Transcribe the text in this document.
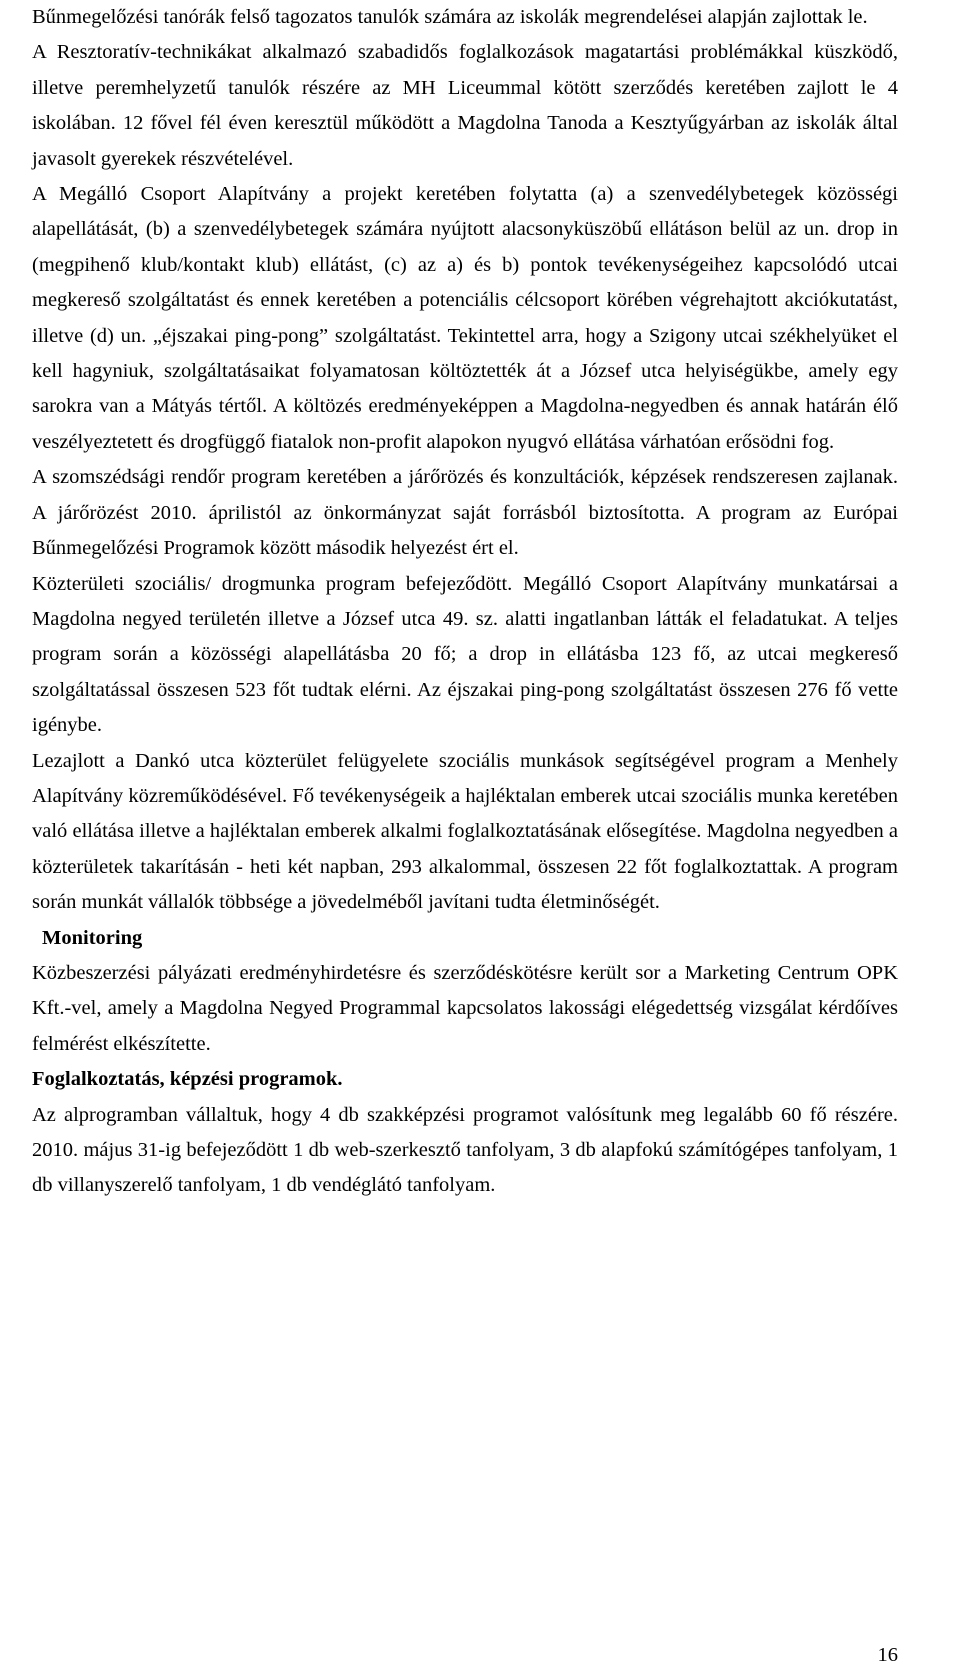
Bűnmegelőzési tanórák felső tagozatos tanulók számára az iskolák megrendelései alapján zajlottak le.

A Resztoratív-technikákat alkalmazó szabadidős foglalkozások magatartási problémákkal küszködő, illetve peremhelyzetű tanulók részére az MH Liceummal kötött szerződés keretében zajlott le 4 iskolában. 12 fővel fél éven keresztül működött a Magdolna Tanoda a Kesztyűgyárban az iskolák által javasolt gyerekek részvételével.

A Megálló Csoport Alapítvány a projekt keretében folytatta (a) a szenvedélybetegek közösségi alapellátását, (b) a szenvedélybetegek számára nyújtott alacsonyküszöbű ellátáson belül az un. drop in (megpihenő klub/kontakt klub) ellátást, (c) az a) és b) pontok tevékenységeihez kapcsolódó utcai megkereső szolgáltatást és ennek keretében a potenciális célcsoport körében végrehajtott akciókutatást, illetve (d) un. „éjszakai ping-pong” szolgáltatást. Tekintettel arra, hogy a Szigony utcai székhelyüket el kell hagyniuk, szolgáltatásaikat folyamatosan költöztették át a József utca helyiségükbe, amely egy sarokra van a Mátyás tértől. A költözés eredményeképpen a Magdolna-negyedben és annak határán élő veszélyeztetett és drogfüggő fiatalok non-profit alapokon nyugvó ellátása várhatóan erősödni fog.

A szomszédsági rendőr program keretében a járőrözés és konzultációk, képzések rendszeresen zajlanak. A járőrözést 2010. áprilistól az önkormányzat saját forrásból biztosította. A program az Európai Bűnmegelőzési Programok között második helyezést ért el.

Közterületi szociális/ drogmunka program befejeződött. Megálló Csoport Alapítvány munkatársai a Magdolna negyed területén illetve a József utca 49. sz. alatti ingatlanban látták el feladatukat. A teljes program során a közösségi alapellátásba 20 fő; a drop in ellátásba 123 fő, az utcai megkereső szolgáltatással összesen 523 főt tudtak elérni. Az éjszakai ping-pong szolgáltatást összesen 276 fő vette igénybe.

Lezajlott a Dankó utca közterület felügyelete szociális munkások segítségével program a Menhely Alapítvány közreműködésével. Fő tevékenységeik a hajléktalan emberek utcai szociális munka keretében való ellátása illetve a hajléktalan emberek alkalmi foglalkoztatásának elősegítése. Magdolna negyedben a közterületek takarításán - heti két napban, 293 alkalommal, összesen 22 főt foglalkoztattak. A program során munkát vállalók többsége a jövedelméből javítani tudta életminőségét.

Monitoring

Közbeszerzési pályázati eredményhirdetésre és szerződéskötésre került sor a Marketing Centrum OPK Kft.-vel, amely a Magdolna Negyed Programmal kapcsolatos lakossági elégedettség vizsgálat kérdőíves felmérést elkészítette.

Foglalkoztatás, képzési programok.

Az alprogramban vállaltuk, hogy 4 db szakképzési programot valósítunk meg legalább 60 fő részére. 2010. május 31-ig befejeződött 1 db web-szerkesztő tanfolyam, 3 db alapfokú számítógépes tanfolyam, 1 db villanyszerelő tanfolyam, 1 db vendéglátó tanfolyam.

16
